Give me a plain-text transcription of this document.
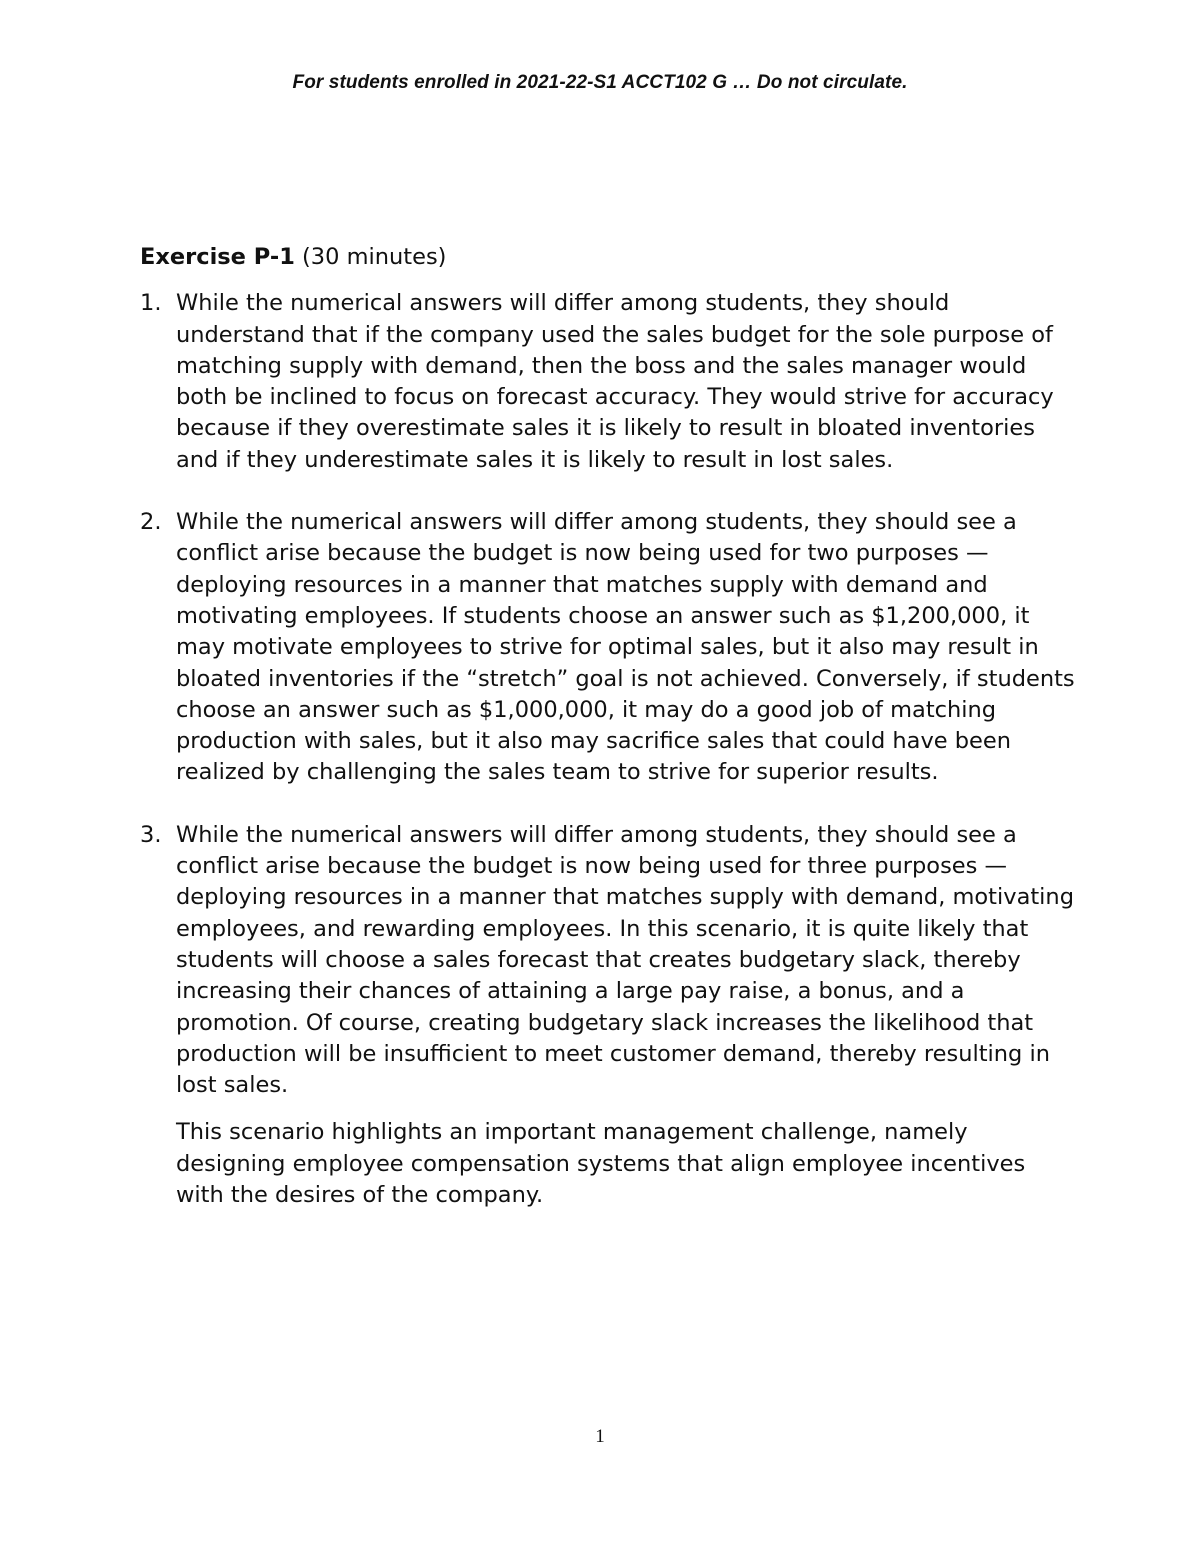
For students enrolled in 2021-22-S1 ACCT102 G … Do not circulate.
Exercise P-1 (30 minutes)
1. While the numerical answers will differ among students, they should understand that if the company used the sales budget for the sole purpose of matching supply with demand, then the boss and the sales manager would both be inclined to focus on forecast accuracy. They would strive for accuracy because if they overestimate sales it is likely to result in bloated inventories and if they underestimate sales it is likely to result in lost sales.
2. While the numerical answers will differ among students, they should see a conflict arise because the budget is now being used for two purposes —deploying resources in a manner that matches supply with demand and motivating employees. If students choose an answer such as $1,200,000, it may motivate employees to strive for optimal sales, but it also may result in bloated inventories if the “stretch” goal is not achieved. Conversely, if students choose an answer such as $1,000,000, it may do a good job of matching production with sales, but it also may sacrifice sales that could have been realized by challenging the sales team to strive for superior results.
3. While the numerical answers will differ among students, they should see a conflict arise because the budget is now being used for three purposes —deploying resources in a manner that matches supply with demand, motivating employees, and rewarding employees. In this scenario, it is quite likely that students will choose a sales forecast that creates budgetary slack, thereby increasing their chances of attaining a large pay raise, a bonus, and a promotion. Of course, creating budgetary slack increases the likelihood that production will be insufficient to meet customer demand, thereby resulting in lost sales.
This scenario highlights an important management challenge, namely designing employee compensation systems that align employee incentives with the desires of the company.
1
